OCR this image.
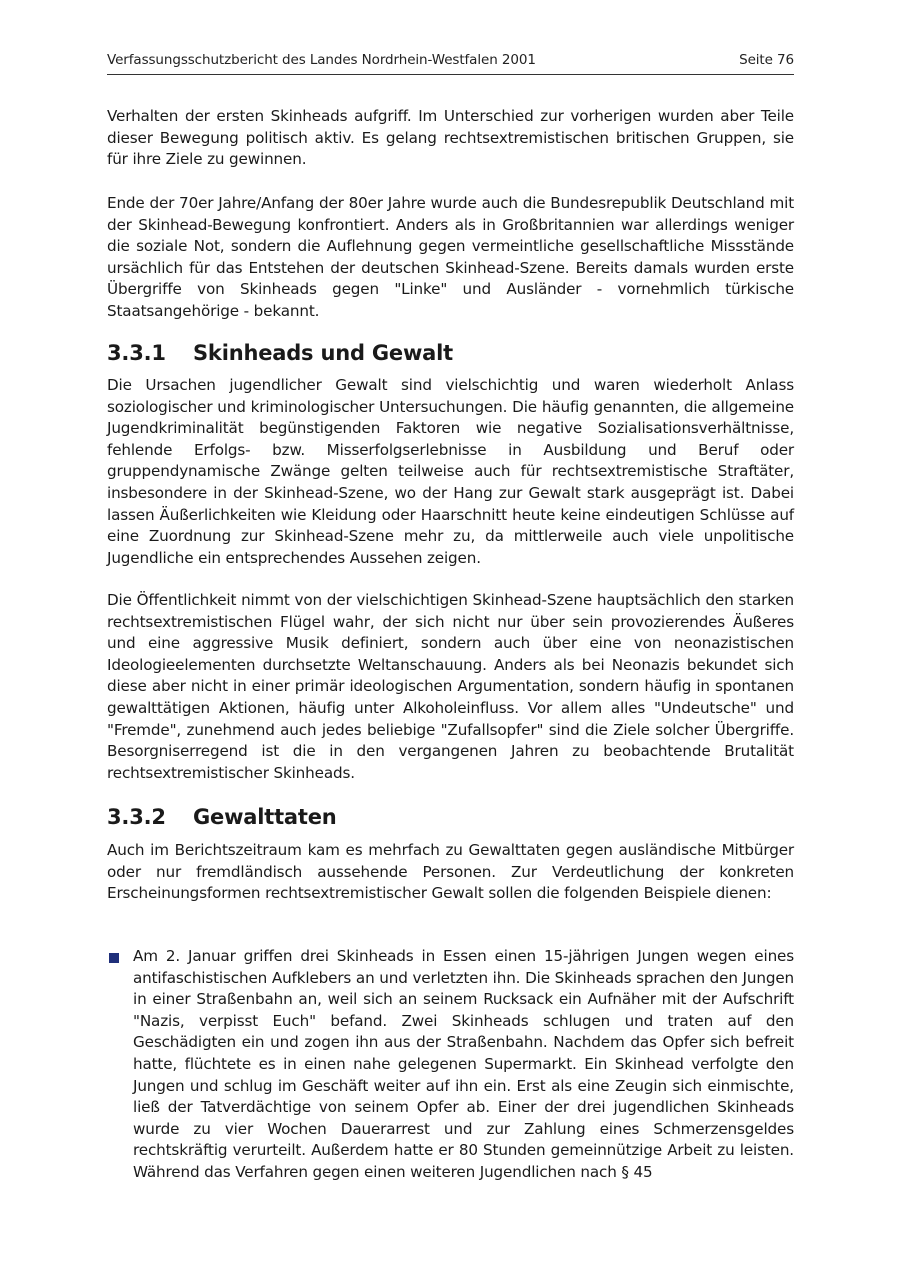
Verfassungsschutzbericht des Landes Nordrhein-Westfalen 2001	Seite 76

Verhalten der ersten Skinheads aufgriff. Im Unterschied zur vorherigen wurden aber Teile dieser Bewegung politisch aktiv. Es gelang rechtsextremistischen britischen Gruppen, sie für ihre Ziele zu gewinnen.

Ende der 70er Jahre/Anfang der 80er Jahre wurde auch die Bundesrepublik Deutschland mit der Skinhead-Bewegung konfrontiert. Anders als in Großbritannien war allerdings weniger die soziale Not, sondern die Auflehnung gegen vermeintliche gesellschaftliche Missstände ursächlich für das Entstehen der deutschen Skinhead-Szene. Bereits damals wurden erste Übergriffe von Skinheads gegen "Linke" und Ausländer - vornehmlich türkische Staatsangehörige - bekannt.

3.3.1 Skinheads und Gewalt

Die Ursachen jugendlicher Gewalt sind vielschichtig und waren wiederholt Anlass soziologischer und kriminologischer Untersuchungen. Die häufig genannten, die allgemeine Jugendkriminalität begünstigenden Faktoren wie negative Sozialisationsverhältnisse, fehlende Erfolgs- bzw. Misserfolgserlebnisse in Ausbildung und Beruf oder gruppendynamische Zwänge gelten teilweise auch für rechtsextremistische Straftäter, insbesondere in der Skinhead-Szene, wo der Hang zur Gewalt stark ausgeprägt ist. Dabei lassen Äußerlichkeiten wie Kleidung oder Haarschnitt heute keine eindeutigen Schlüsse auf eine Zuordnung zur Skinhead-Szene mehr zu, da mittlerweile auch viele unpolitische Jugendliche ein entsprechendes Aussehen zeigen.

Die Öffentlichkeit nimmt von der vielschichtigen Skinhead-Szene hauptsächlich den starken rechtsextremistischen Flügel wahr, der sich nicht nur über sein provozierendes Äußeres und eine aggressive Musik definiert, sondern auch über eine von neonazistischen Ideologieelementen durchsetzte Weltanschauung. Anders als bei Neonazis bekundet sich diese aber nicht in einer primär ideologischen Argumentation, sondern häufig in spontanen gewalttätigen Aktionen, häufig unter Alkoholeinfluss. Vor allem alles "Undeutsche" und "Fremde", zunehmend auch jedes beliebige "Zufallsopfer" sind die Ziele solcher Übergriffe. Besorgniserregend ist die in den vergangenen Jahren zu beobachtende Brutalität rechtsextremistischer Skinheads.

3.3.2 Gewalttaten

Auch im Berichtszeitraum kam es mehrfach zu Gewalttaten gegen ausländische Mitbürger oder nur fremdländisch aussehende Personen. Zur Verdeutlichung der konkreten Erscheinungsformen rechtsextremistischer Gewalt sollen die folgenden Beispiele dienen:

Am 2. Januar griffen drei Skinheads in Essen einen 15-jährigen Jungen wegen eines antifaschistischen Aufklebers an und verletzten ihn. Die Skinheads sprachen den Jungen in einer Straßenbahn an, weil sich an seinem Rucksack ein Aufnäher mit der Aufschrift "Nazis, verpisst Euch" befand. Zwei Skinheads schlugen und traten auf den Geschädigten ein und zogen ihn aus der Straßenbahn. Nachdem das Opfer sich befreit hatte, flüchtete es in einen nahe gelegenen Supermarkt. Ein Skinhead verfolgte den Jungen und schlug im Geschäft weiter auf ihn ein. Erst als eine Zeugin sich einmischte, ließ der Tatverdächtige von seinem Opfer ab. Einer der drei jugendlichen Skinheads wurde zu vier Wochen Dauerarrest und zur Zahlung eines Schmerzensgeldes rechtskräftig verurteilt. Außerdem hatte er 80 Stunden gemeinnützige Arbeit zu leisten. Während das Verfahren gegen einen weiteren Jugendlichen nach § 45
